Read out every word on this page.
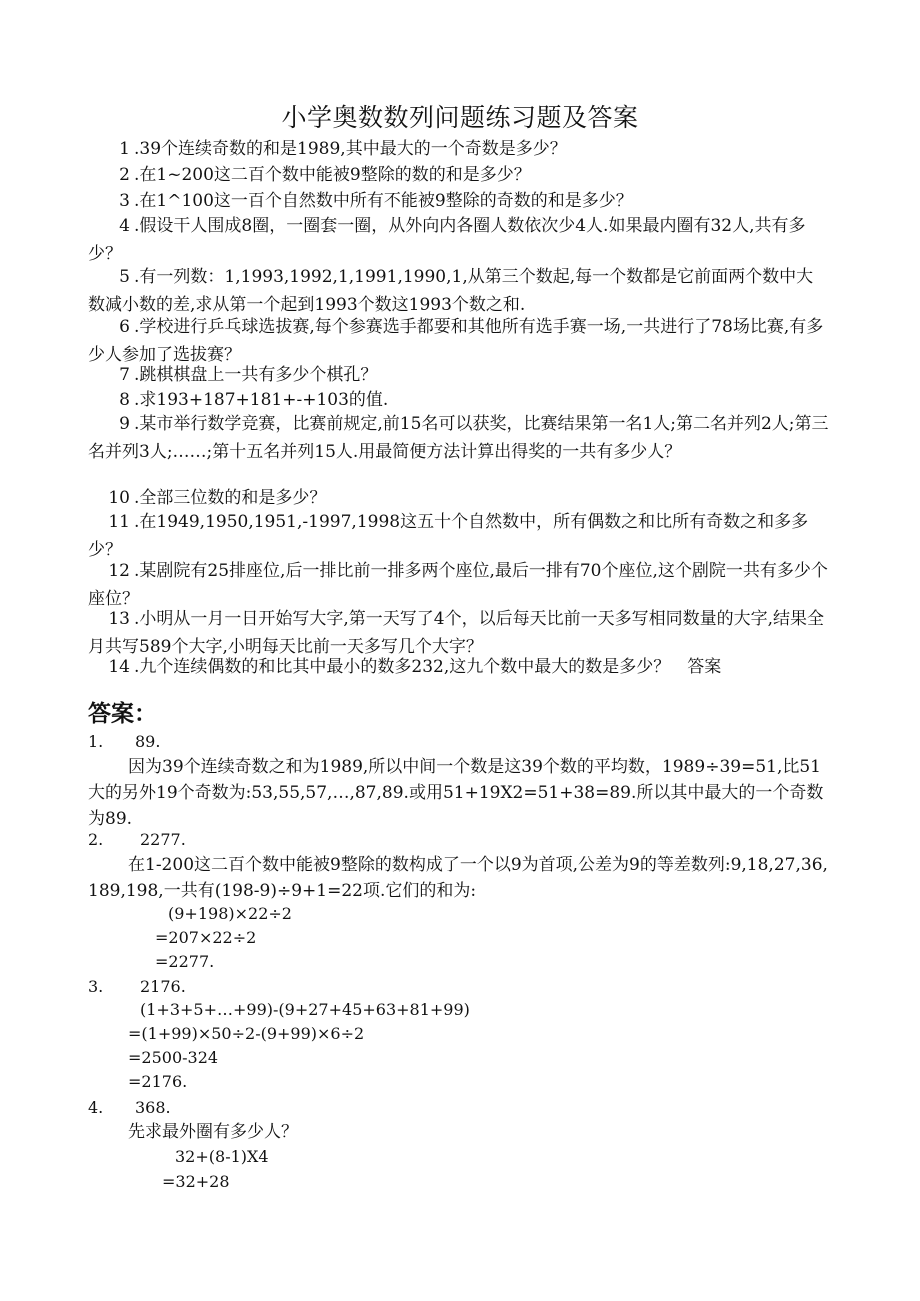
小学奥数数列问题练习题及答案

1 .39个连续奇数的和是1989,其中最大的一个奇数是多少？

2 .在1~200这二百个数中能被9整除的数的和是多少？

3 .在1^100这一百个自然数中所有不能被9整除的奇数的和是多少？

4 .假设干人围成8圈，一圈套一圈，从外向内各圈人数依次少4人.如果最内圈有32人,共有多少？

5 .有一列数：1,1993,1992,1,1991,1990,1,从第三个数起,每一个数都是它前面两个数中大数减小数的差,求从第一个起到1993个数这1993个数之和.

6 .学校进行乒乓球选拔赛,每个参赛选手都要和其他所有选手赛一场,一共进行了78场比赛,有多少人参加了选拔赛？

7 .跳棋棋盘上一共有多少个棋孔？

8 .求193+187+181+-+103的值.

9 .某市举行数学竞赛，比赛前规定,前15名可以获奖，比赛结果第一名1人;第二名并列2人;第三名并列3人;……;第十五名并列15人.用最简便方法计算出得奖的一共有多少人？

10 .全部三位数的和是多少？

11 .在1949,1950,1951,-1997,1998这五十个自然数中，所有偶数之和比所有奇数之和多多少？

12 .某剧院有25排座位,后一排比前一排多两个座位,最后一排有70个座位,这个剧院一共有多少个座位？

13 .小明从一月一日开始写大字,第一天写了4个，以后每天比前一天多写相同数量的大字,结果全月共写589个大字,小明每天比前一天多写几个大字？

14 .九个连续偶数的和比其中最小的数多232,这九个数中最大的数是多少？　答案

答案：
1. 89.

因为39个连续奇数之和为1989,所以中间一个数是这39个数的平均数，1989÷39=51,比51大的另外19个奇数为:53,55,57,…,87,89.或用51+19X2=51+38=89.所以其中最大的一个奇数为89.

2. 2277.

在1-200这二百个数中能被9整除的数构成了一个以9为首项,公差为9的等差数列:9,18,27,36,　　189,198,一共有(198-9)÷9+1=22项.它们的和为:

(9+198)×22÷2
=207×22÷2
=2277.
3. 2176.
(1+3+5+…+99)-(9+27+45+63+81+99)
=(1+99)×50÷2-(9+99)×6÷2
=2500-324
=2176.
4. 368.
先求最外圈有多少人？
32+(8-1)X4
=32+28
